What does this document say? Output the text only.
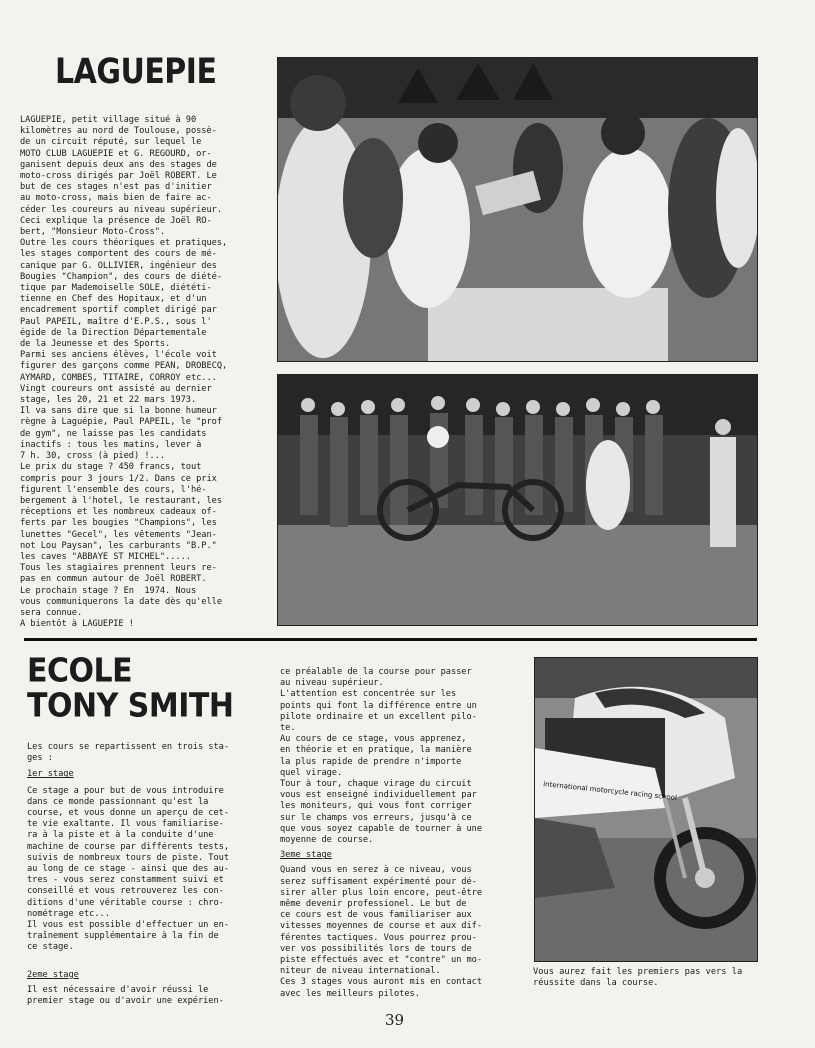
LAGUEPIE
LAGUEPIE, petit village situé à 90
kilomètres au nord de Toulouse, possè-
de un circuit réputé, sur lequel le
MOTO CLUB LAGUEPIE et G. REGOURD, or-
ganisent depuis deux ans des stages de
moto-cross dirigés par Joël ROBERT. Le
but de ces stages n'est pas d'initier
au moto-cross, mais bien de faire ac-
céder les coureurs au niveau supérieur.
Ceci explique la présence de Joël RO-
bert, "Monsieur Moto-Cross".
Outre les cours théoriques et pratiques,
les stages comportent des cours de mé-
canique par G. OLLIVIER, ingénieur des
Bougies "Champion", des cours de diété-
tique par Mademoiselle SOLE, diététi-
tienne en Chef des Hopitaux, et d'un
encadrement sportif complet dirigé par
Paul PAPEIL, maître d'E.P.S., sous l'
égide de la Direction Départementale
de la Jeunesse et des Sports.
Parmi ses anciens élèves, l'école voit
figurer des garçons comme PEAN, DROBECQ,
AYMARD, COMBES, TITAIRE, CORROY etc...
Vingt coureurs ont assisté au dernier
stage, les 20, 21 et 22 mars 1973.
Il va sans dire que si la bonne humeur
règne à Laguépie, Paul PAPEIL, le "prof
de gym", ne laisse pas les candidats
inactifs : tous les matins, lever à
7 h. 30, cross (à pied) !...
Le prix du stage ? 450 francs, tout
compris pour 3 jours 1/2. Dans ce prix
figurent l'ensemble des cours, l'hé-
bergement à l'hotel, le restaurant, les
réceptions et les nombreux cadeaux of-
ferts par les bougies "Champions", les
lunettes "Gecel", les vêtements "Jean-
not Lou Paysan", les carburants "B.P."
les caves "ABBAYE ST MICHEL".....
Tous les stagiaires prennent leurs re-
pas en commun autour de Joël ROBERT.
Le prochain stage ? En  1974. Nous
vous communiquerons la date dès qu'elle
sera connue.
A bientôt à LAGUEPIE !
ECOLE
TONY SMITH
Les cours se repartissent en trois sta-
ges :

1er stage
Ce stage a pour but de vous introduire
dans ce monde passionnant qu'est la
course, et vous donne un aperçu de cet-
te vie exaltante. Il vous familiarise-
ra à la piste et à la conduite d'une
machine de course par différents tests,
suivis de nombreux tours de piste. Tout
au long de ce stage - ainsi que des au-
tres - vous serez constamment suivi et
conseillé et vous retrouverez les con-
ditions d'une véritable course : chro-
nométrage etc...
Il vous est possible d'effectuer un en-
traînement supplémentaire à la fin de
ce stage.

2eme stage
Il est nécessaire d'avoir réussi le
premier stage ou d'avoir une expérien-
ce préalable de la course pour passer
au niveau supérieur.
L'attention est concentrée sur les
points qui font la différence entre un
pilote ordinaire et un excellent pilo-
te.
Au cours de ce stage, vous apprenez,
en théorie et en pratique, la manière
la plus rapide de prendre n'importe
quel virage.
Tour à tour, chaque virage du circuit
vous est enseigné individuellement par
les moniteurs, qui vous font corriger
sur le champs vos erreurs, jusqu'à ce
que vous soyez capable de tourner à une
moyenne de course.

3eme stage
Quand vous en serez à ce niveau, vous
serez suffisament expérimenté pour dé-
sirer aller plus loin encore, peut-être
même devenir professionel. Le but de
ce cours est de vous familiariser aux
vitesses moyennes de course et aux dif-
férentes tactiques. Vous pourrez prou-
ver vos possibilités lors de tours de
piste effectués avec et "contre" un mo-
niteur de niveau international.
Ces 3 stages vous auront mis en contact
avec les meilleurs pilotes.
international motorcycle racing school
Vous aurez fait les premiers pas vers la
réussite dans la course.
39
